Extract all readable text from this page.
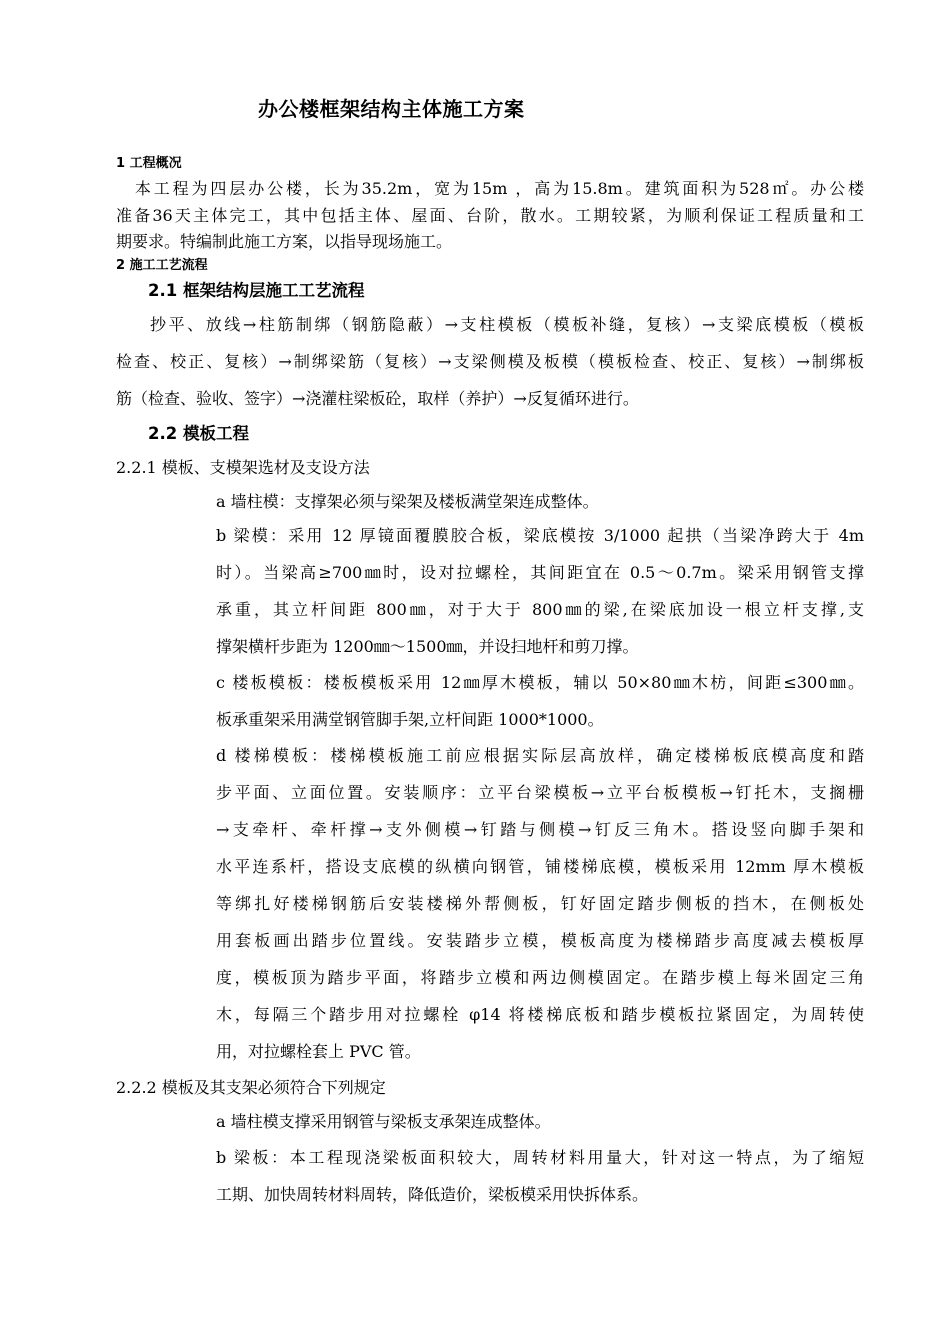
办公楼框架结构主体施工方案
1 工程概况
　本工程为四层办公楼，长为35.2m，宽为15m ，高为15.8m。建筑面积为528㎡。办公楼
准备36天主体完工，其中包括主体、屋面、台阶，散水。工期较紧，为顺利保证工程质量和工
期要求。特编制此施工方案，以指导现场施工。
2 施工工艺流程
2.1 框架结构层施工工艺流程
抄平、放线→柱筋制绑（钢筋隐蔽）→支柱模板（模板补缝，复核）→支梁底模板（模板
检查、校正、复核）→制绑梁筋（复核）→支梁侧模及板模（模板检查、校正、复核）→制绑板
筋（检查、验收、签字）→浇灌柱梁板砼，取样（养护）→反复循环进行。
2.2 模板工程
2.2.1 模板、支模架选材及支设方法
a 墙柱模：支撑架必须与梁架及楼板满堂架连成整体。
b 梁模：采用 12 厚镜面覆膜胶合板，梁底模按 3/1000 起拱（当梁净跨大于 4m
时）。当梁高≥700㎜时，设对拉螺栓，其间距宜在 0.5～0.7m。梁采用钢管支撑
承重，其立杆间距 800㎜，对于大于 800㎜的梁,在梁底加设一根立杆支撑,支
撑架横杆步距为 1200㎜～1500㎜，并设扫地杆和剪刀撑。
c 楼板模板：楼板模板采用 12㎜厚木模板，辅以 50×80㎜木枋，间距≤300㎜。
板承重架采用满堂钢管脚手架,立杆间距 1000*1000。
d 楼梯模板：楼梯模板施工前应根据实际层高放样，确定楼梯板底模高度和踏
步平面、立面位置。安装顺序：立平台梁模板→立平台板模板→钉托木，支搁栅
→支牵杆、牵杆撑→支外侧模→钉踏与侧模→钉反三角木。搭设竖向脚手架和
水平连系杆，搭设支底模的纵横向钢管，铺楼梯底模，模板采用 12mm 厚木模板
等绑扎好楼梯钢筋后安装楼梯外帮侧板，钉好固定踏步侧板的挡木，在侧板处
用套板画出踏步位置线。安装踏步立模，模板高度为楼梯踏步高度减去模板厚
度，模板顶为踏步平面，将踏步立模和两边侧模固定。在踏步模上每米固定三角
木，每隔三个踏步用对拉螺栓 φ14 将楼梯底板和踏步模板拉紧固定，为周转使
用，对拉螺栓套上 PVC 管。
2.2.2 模板及其支架必须符合下列规定
a 墙柱模支撑采用钢管与梁板支承架连成整体。
b 梁板：本工程现浇梁板面积较大，周转材料用量大，针对这一特点，为了缩短
工期、加快周转材料周转，降低造价，梁板模采用快拆体系。
